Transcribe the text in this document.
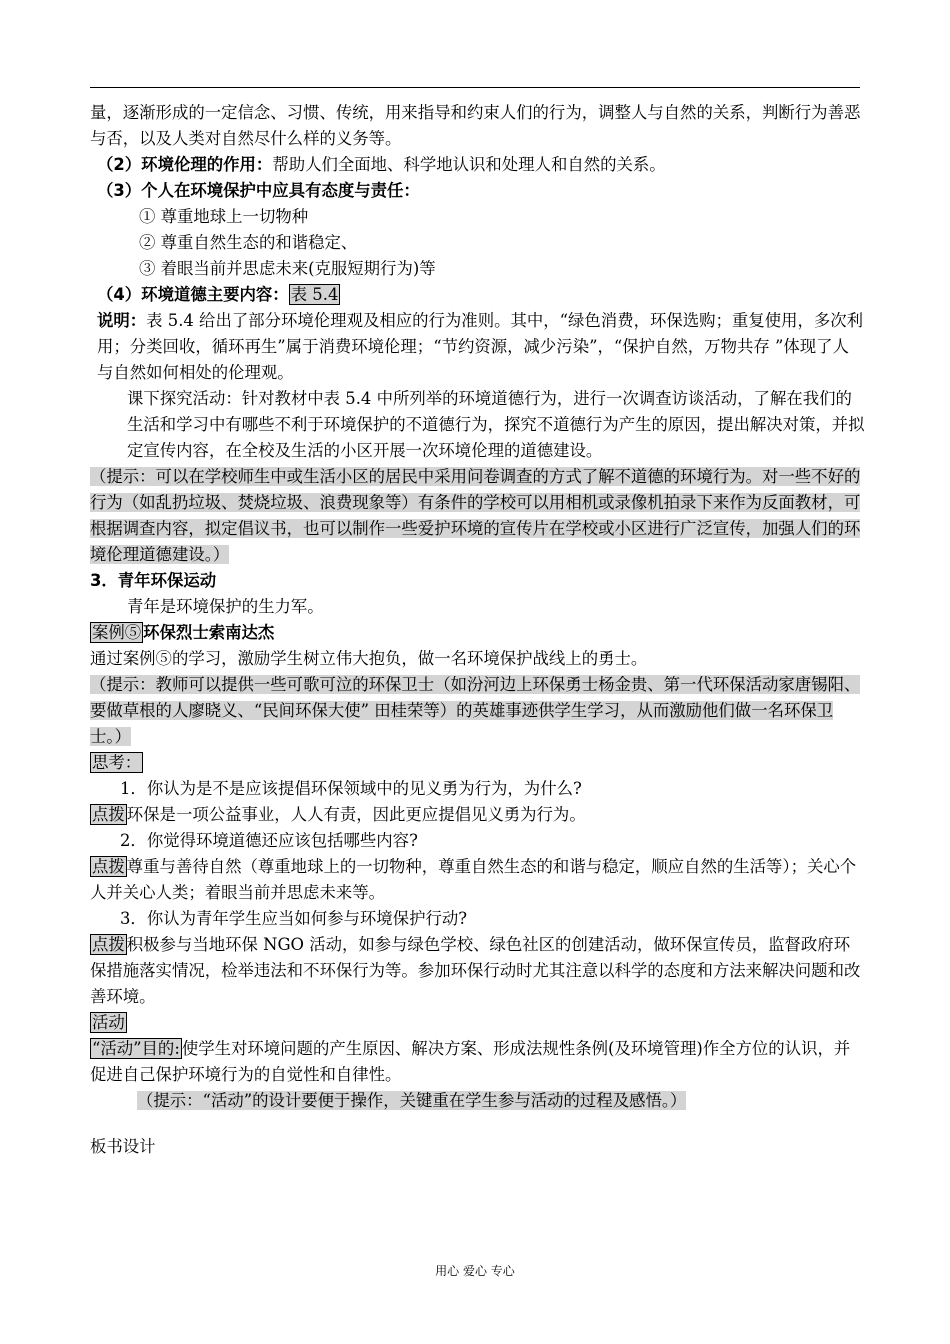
量，逐渐形成的一定信念、习惯、传统，用来指导和约束人们的行为，调整人与自然的关系，判断行为善恶与否，以及人类对自然尽什么样的义务等。

（2）环境伦理的作用：帮助人们全面地、科学地认识和处理人和自然的关系。

（3）个人在环境保护中应具有态度与责任：

① 尊重地球上一切物种

② 尊重自然生态的和谐稳定、

③ 着眼当前并思虑未来(克服短期行为)等

（4）环境道德主要内容： 表 5.4

说明：表 5.4 给出了部分环境伦理观及相应的行为准则。其中，“绿色消费，环保选购；重复使用，多次利用；分类回收，循环再生”属于消费环境伦理；“节约资源，减少污染”，“保护自然，万物共存 ”体现了人与自然如何相处的伦理观。

课下探究活动：针对教材中表 5.4 中所列举的环境道德行为，进行一次调查访谈活动，了解在我们的生活和学习中有哪些不利于环境保护的不道德行为，探究不道德行为产生的原因，提出解决对策，并拟定宣传内容，在全校及生活的小区开展一次环境伦理的道德建设。

（提示：可以在学校师生中或生活小区的居民中采用问卷调查的方式了解不道德的环境行为。对一些不好的行为（如乱扔垃圾、焚烧垃圾、浪费现象等）有条件的学校可以用相机或录像机拍录下来作为反面教材，可根据调查内容，拟定倡议书，也可以制作一些爱护环境的宣传片在学校或小区进行广泛宣传，加强人们的环境伦理道德建设。）

3．青年环保运动

青年是环境保护的生力军。

案例⑤ 环保烈士索南达杰

通过案例⑤的学习，激励学生树立伟大抱负，做一名环境保护战线上的勇士。

（提示：教师可以提供一些可歌可泣的环保卫士（如汾河边上环保勇士杨金贵、第一代环保活动家唐锡阳、要做草根的人廖晓义、“民间环保大使” 田桂荣等）的英雄事迹供学生学习，从而激励他们做一名环保卫士。）

思考：

1．你认为是不是应该提倡环保领域中的见义勇为行为，为什么?

点拨 环保是一项公益事业，人人有责，因此更应提倡见义勇为行为。

2．你觉得环境道德还应该包括哪些内容?

点拨 尊重与善待自然（尊重地球上的一切物种，尊重自然生态的和谐与稳定，顺应自然的生活等）；关心个人并关心人类；着眼当前并思虑未来等。

3．你认为青年学生应当如何参与环境保护行动?

点拨 积极参与当地环保 NGO 活动，如参与绿色学校、绿色社区的创建活动，做环保宣传员，监督政府环保措施落实情况，检举违法和不环保行为等。参加环保行动时尤其注意以科学的态度和方法来解决问题和改善环境。

活动

“活动”目的: 使学生对环境问题的产生原因、解决方案、形成法规性条例(及环境管理)作全方位的认识，并促进自己保护环境行为的自觉性和自律性。

（提示：“活动”的设计要便于操作，关键重在学生参与活动的过程及感悟。）

板书设计

用心 爱心 专心
